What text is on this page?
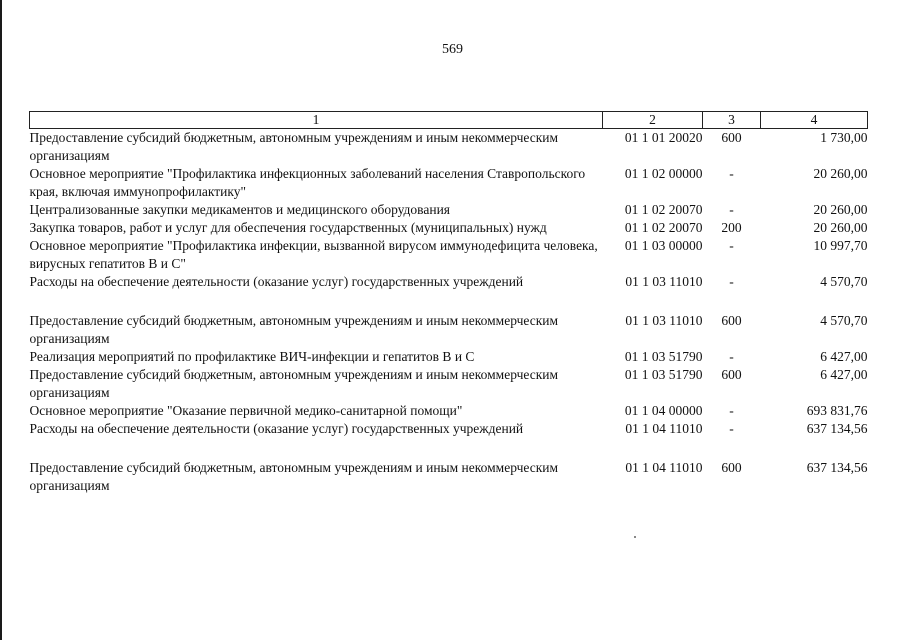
569
1	2	3	4
Предоставление субсидий бюджетным, автономным учреждениям и иным некоммерческим организациям	01 1 01 20020	600	1 730,00
Основное мероприятие "Профилактика инфекционных заболеваний населения Ставропольского края, включая иммунопрофилактику"	01 1 02 00000	-	20 260,00
Централизованные закупки медикаментов и медицинского оборудования	01 1 02 20070	-	20 260,00
Закупка товаров, работ и услуг для обеспечения государственных (муниципальных) нужд	01 1 02 20070	200	20 260,00
Основное мероприятие "Профилактика инфекции, вызванной вирусом иммунодефицита человека, вирусных гепатитов В и С"	01 1 03 00000	-	10 997,70
Расходы на обеспечение деятельности (оказание услуг) государственных учреждений	01 1 03 11010	-	4 570,70
Предоставление субсидий бюджетным, автономным учреждениям и иным некоммерческим организациям	01 1 03 11010	600	4 570,70
Реализация мероприятий по профилактике ВИЧ-инфекции и гепатитов В и С	01 1 03 51790	-	6 427,00
Предоставление субсидий бюджетным, автономным учреждениям и иным некоммерческим организациям	01 1 03 51790	600	6 427,00
Основное мероприятие "Оказание первичной медико-санитарной помощи"	01 1 04 00000	-	693 831,76
Расходы на обеспечение деятельности (оказание услуг) государственных учреждений	01 1 04 11010	-	637 134,56
Предоставление субсидий бюджетным, автономным учреждениям и иным некоммерческим организациям	01 1 04 11010	600	637 134,56
